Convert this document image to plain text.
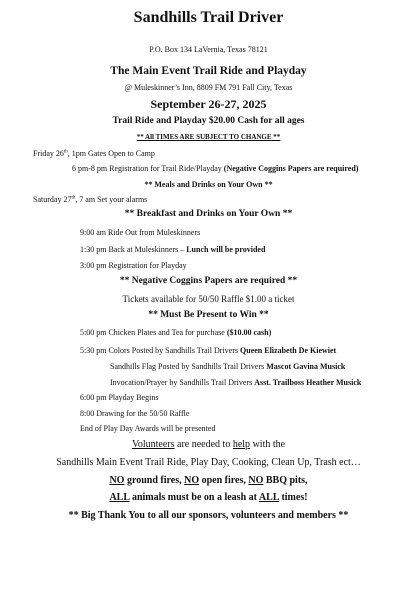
Sandhills Trail Driver
P.O. Box 134 LaVernia, Texas 78121
The Main Event Trail Ride and Playday
@ Muleskinner’s Inn, 8809 FM 791 Fall City, Texas
September 26-27, 2025
Trail Ride and Playday $20.00 Cash for all ages
** All TIMES ARE SUBJECT TO CHANGE **
Friday 26th, 1pm Gates Open to Camp
6 pm-8 pm Registration for Trail Ride/Playday (Negative Coggins Papers are required)
** Meals and Drinks on Your Own **
Saturday 27th, 7 am Set your alarms
** Breakfast and Drinks on Your Own **
9:00 am Ride Out from Muleskinners
1:30 pm Back at Muleskinners – Lunch will be provided
3:00 pm Registration for Playday
** Negative Coggins Papers are required **
Tickets available for 50/50 Raffle $1.00 a ticket
** Must Be Present to Win **
5:00 pm Chicken Plates and Tea for purchase ($10.00 cash)
5:30 pm Colors Posted by Sandhills Trail Drivers Queen Elizabeth De Kiewiet
Sandhills Flag Posted by Sandhills Trail Drivers Mascot Gavina Musick
Invocation/Prayer by Sandhills Trail Drivers Asst. Trailboss Heather Musick
6:00 pm Playday Begins
8:00 Drawing for the 50/50 Raffle
End of Play Day Awards will be presented
Volunteers are needed to help with the
Sandhills Main Event Trail Ride, Play Day, Cooking, Clean Up, Trash ect…
NO ground fires, NO open fires, NO BBQ pits,
ALL animals must be on a leash at ALL times!
** Big Thank You to all our sponsors, volunteers and members **
